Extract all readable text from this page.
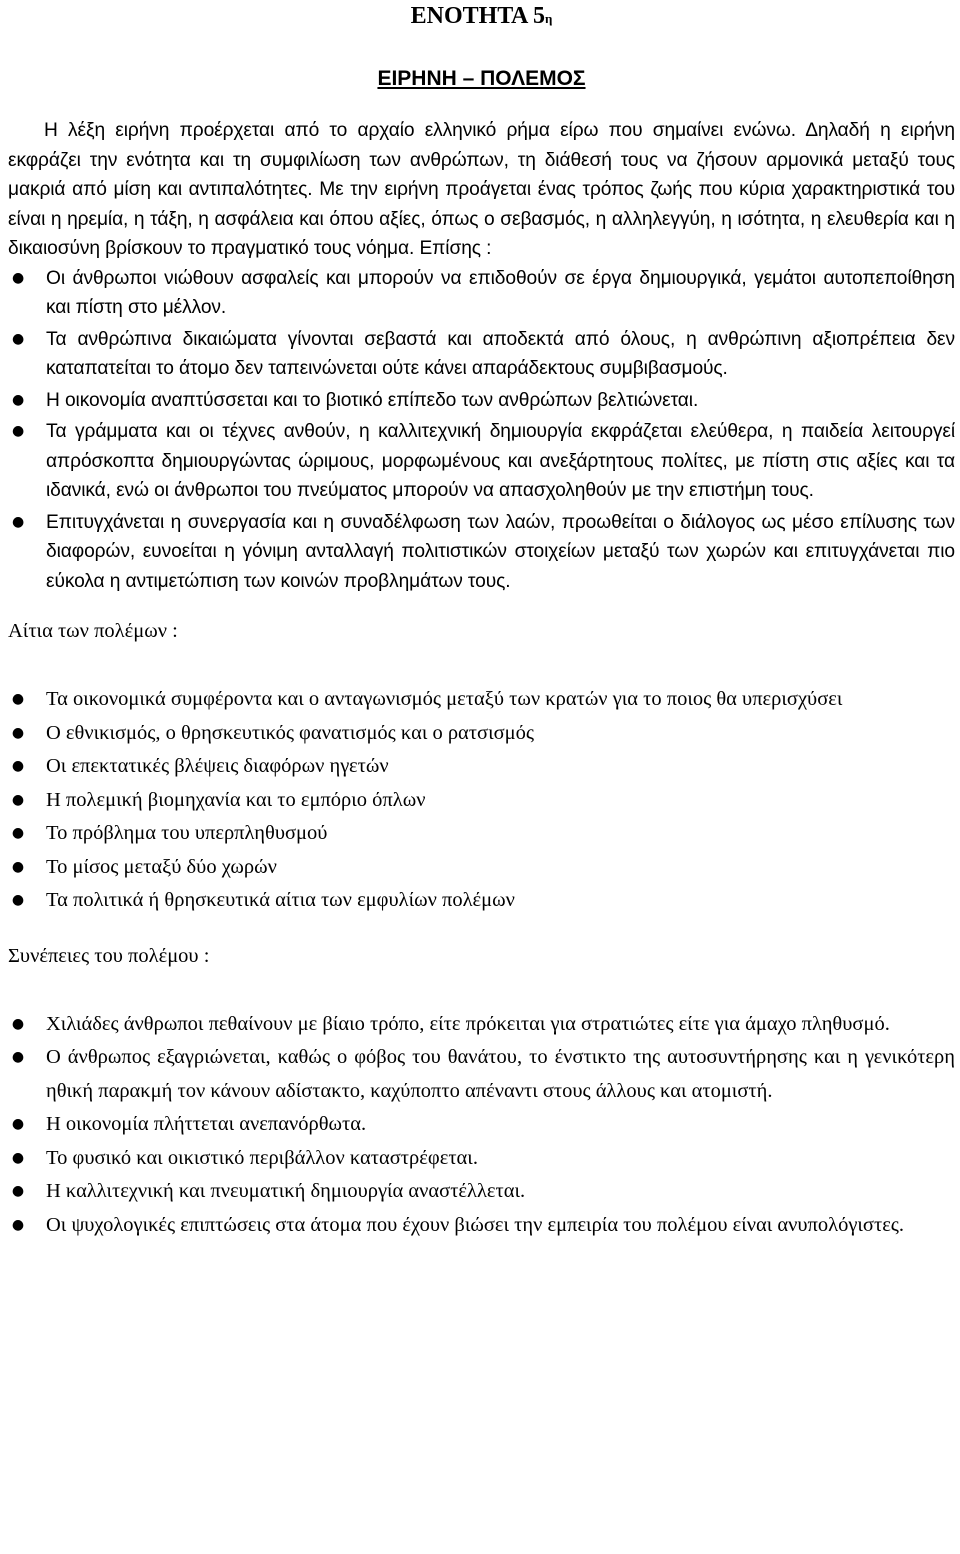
ΕΝΟΤΗΤΑ $5^\eta$
ΕΙΡΗΝΗ – ΠΟΛΕΜΟΣ

Η λέξη ειρήνη προέρχεται από το αρχαίο ελληνικό ρήμα είρω που σημαίνει ενώνω. Δηλαδή η ειρήνη εκφράζει την ενότητα και τη συμφιλίωση των ανθρώπων, τη διάθεσή τους να ζήσουν αρμονικά μεταξύ τους μακριά από μίση και αντιπαλότητες. Με την ειρήνη προάγεται ένας τρόπος ζωής που κύρια χαρακτηριστικά του είναι η ηρεμία, η τάξη, η ασφάλεια και όπου αξίες, όπως ο σεβασμός, η αλληλεγγύη, η ισότητα, η ελευθερία και η δικαιοσύνη βρίσκουν το πραγματικό τους νόημα. Επίσης :

● Οι άνθρωποι νιώθουν ασφαλείς και μπορούν να επιδοθούν σε έργα δημιουργικά, γεμάτοι αυτοπεποίθηση και πίστη στο μέλλον.
● Τα ανθρώπινα δικαιώματα γίνονται σεβαστά και αποδεκτά από όλους, η ανθρώπινη αξιοπρέπεια δεν καταπατείται το άτομο δεν ταπεινώνεται ούτε κάνει απαράδεκτους συμβιβασμούς.
● Η οικονομία αναπτύσσεται και το βιοτικό επίπεδο των ανθρώπων βελτιώνεται.
● Τα γράμματα και οι τέχνες ανθούν, η καλλιτεχνική δημιουργία εκφράζεται ελεύθερα, η παιδεία λειτουργεί απρόσκοπτα δημιουργώντας ώριμους, μορφωμένους και ανεξάρτητους πολίτες, με πίστη στις αξίες και τα ιδανικά, ενώ οι άνθρωποι του πνεύματος μπορούν να απασχοληθούν με την επιστήμη τους.
● Επιτυγχάνεται η συνεργασία και η συναδέλφωση των λαών, προωθείται ο διάλογος ως μέσο επίλυσης των διαφορών, ευνοείται η γόνιμη ανταλλαγή πολιτιστικών στοιχείων μεταξύ των χωρών και επιτυγχάνεται πιο εύκολα η αντιμετώπιση των κοινών προβλημάτων τους.

Αίτια των πολέμων :

● Τα οικονομικά συμφέροντα και ο ανταγωνισμός μεταξύ των κρατών για το ποιος θα υπερισχύσει
● Ο εθνικισμός, ο θρησκευτικός φανατισμός και ο ρατσισμός
● Οι επεκτατικές βλέψεις διαφόρων ηγετών
● Η πολεμική βιομηχανία και το εμπόριο όπλων
● Το πρόβλημα του υπερπληθυσμού
● Το μίσος μεταξύ δύο χωρών
● Τα πολιτικά ή θρησκευτικά αίτια των εμφυλίων πολέμων

Συνέπειες του πολέμου :

● Χιλιάδες άνθρωποι πεθαίνουν με βίαιο τρόπο, είτε πρόκειται για στρατιώτες είτε για άμαχο πληθυσμό.
● Ο άνθρωπος εξαγριώνεται, καθώς ο φόβος του θανάτου, το ένστικτο της αυτοσυντήρησης και η γενικότερη ηθική παρακμή τον κάνουν αδίστακτο, καχύποπτο απέναντι στους άλλους και ατομιστή.
● Η οικονομία πλήττεται ανεπανόρθωτα.
● Το φυσικό και οικιστικό περιβάλλον καταστρέφεται.
● Η καλλιτεχνική και πνευματική δημιουργία αναστέλλεται.
● Οι ψυχολογικές επιπτώσεις στα άτομα που έχουν βιώσει την εμπειρία του πολέμου είναι ανυπολόγιστες.
